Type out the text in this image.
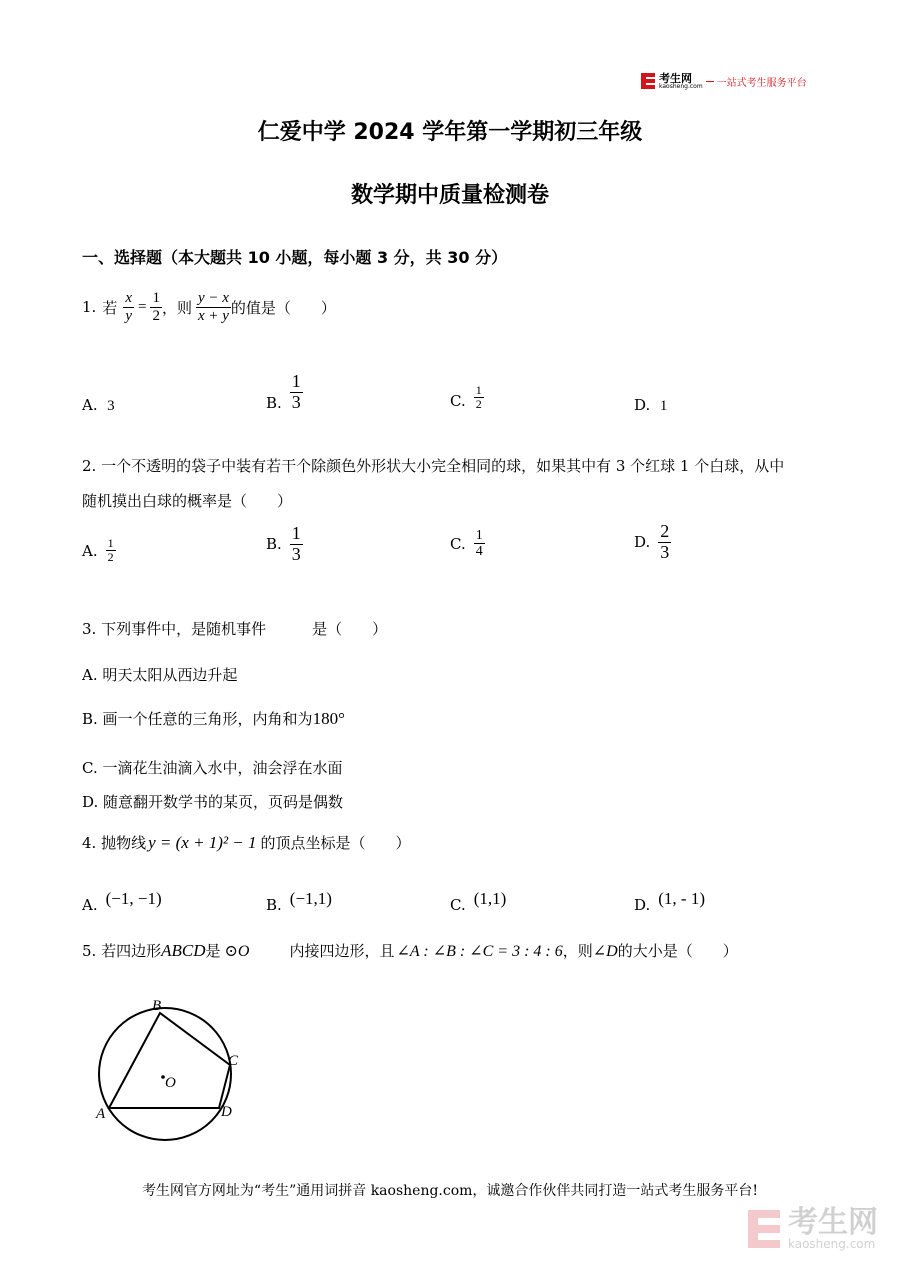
考生网
kaosheng.com 一站式考生服务平台
仁爱中学 2024 学年第一学期初三年级
数学期中质量检测卷
一、选择题（本大题共 10 小题，每小题 3 分，共 30 分）
1. 若 $\frac{x}{y} = \frac{1}{2}$ ，则 $\frac{y - x}{x + y}$ 的值是（　　）
A. 3	B. $\frac{1}{3}$	C. $\frac{1}{2}$	D. 1
2. 一个不透明的袋子中装有若干个除颜色外形状大小完全相同的球，如果其中有 3 个红球 1 个白球，从中
随机摸出白球的概率是（　　）
A. $\frac{1}{2}$	B. $\frac{1}{3}$	C. $\frac{1}{4}$	D. $\frac{2}{3}$
3. 下列事件中，是随机事件	是（　　）
A. 明天太阳从西边升起
B. 画一个任意的三角形，内角和为180°
C. 一滴花生油滴入水中，油会浮在水面
D. 随意翻开数学书的某页，页码是偶数
4. 抛物线 y = (x + 1)² − 1 的顶点坐标是（　　）
A. (−1, −1)	B. (−1,1)	C. (1,1)	D. (1, - 1)
5. 若四边形 ABCD 是 ⊙O	内接四边形，且 ∠A : ∠B : ∠C = 3 : 4 : 6 ，则 ∠D 的大小是（　　）
A
B
C
D
O
考生网官方网址为“考生”通用词拼音 kaosheng.com，诚邀合作伙伴共同打造一站式考生服务平台!
考生网
kaosheng.com
